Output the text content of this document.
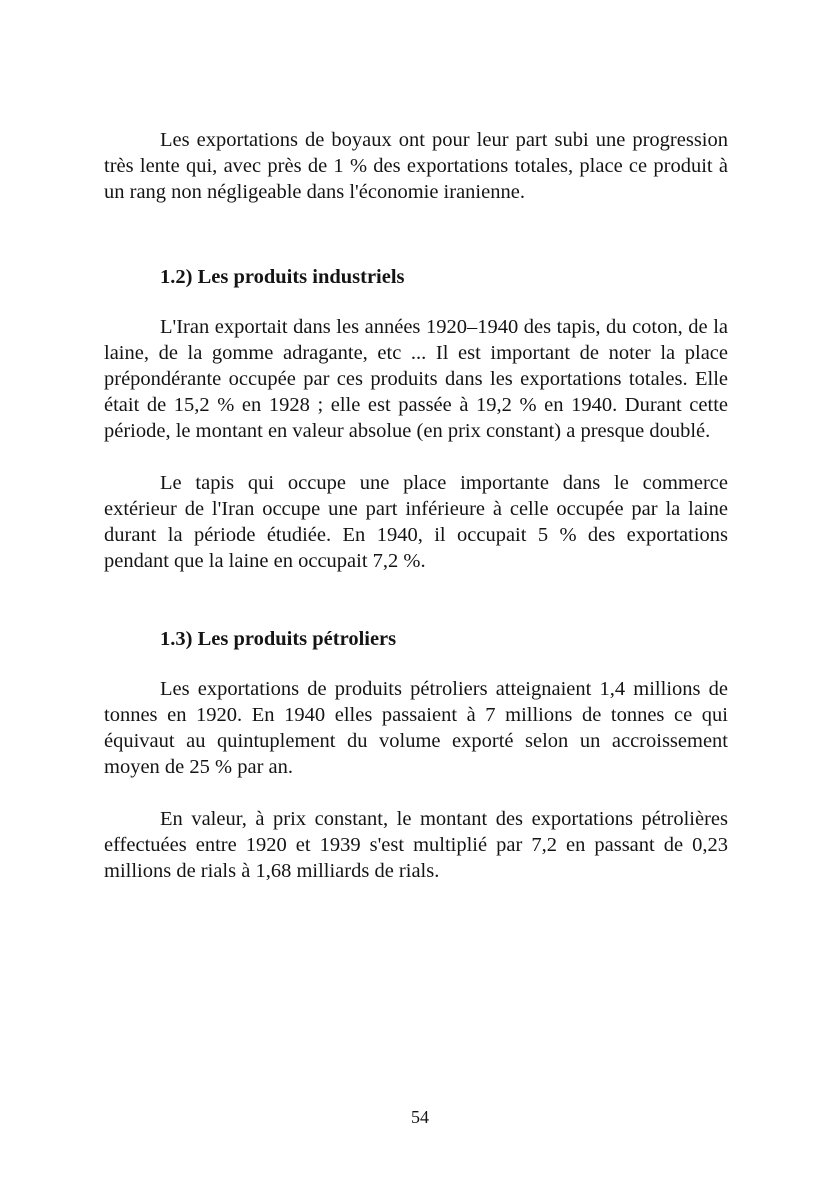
Les exportations de boyaux ont pour leur part subi une progression très lente qui, avec près de 1 % des exportations totales, place ce produit à un rang non négligeable dans l'économie iranienne.

1.2) Les produits industriels

L'Iran exportait dans les années 1920–1940 des tapis, du coton, de la laine, de la gomme adragante, etc ... Il est important de noter la place prépondérante occupée par ces produits dans les exportations totales. Elle était de 15,2 % en 1928 ; elle est passée à 19,2 % en 1940. Durant cette période, le montant en valeur absolue (en prix constant) a presque doublé.

Le tapis qui occupe une place importante dans le commerce extérieur de l'Iran occupe une part inférieure à celle occupée par la laine durant la période étudiée. En 1940, il occupait 5 % des exportations pendant que la laine en occupait 7,2 %.

1.3) Les produits pétroliers

Les exportations de produits pétroliers atteignaient 1,4 millions de tonnes en 1920. En 1940 elles passaient à 7 millions de tonnes ce qui équivaut au quintuplement du volume exporté selon un accroissement moyen de 25 % par an.

En valeur, à prix constant, le montant des exportations pétrolières effectuées entre 1920 et 1939 s'est multiplié par 7,2 en passant de 0,23 millions de rials à 1,68 milliards de rials.

54
